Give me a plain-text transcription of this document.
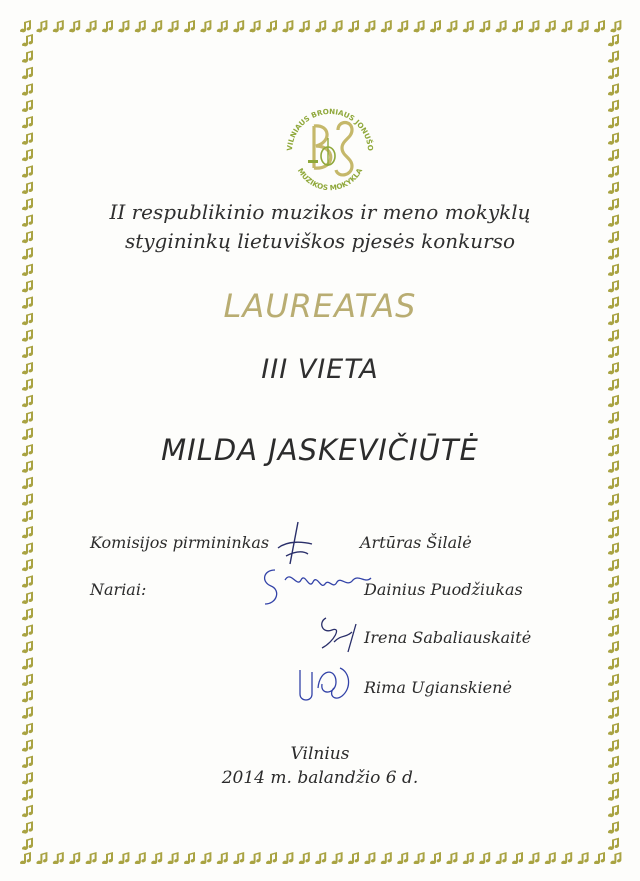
VILNIAUS BRONIAUS JONUŠO
MUZIKOS MOKYKLA

II respublikinio muzikos ir meno mokyklų

stygininkų lietuviškos pjesės konkurso

LAUREATAS

III VIETA

MILDA JASKEVIČIŪTĖ

Komisijos pirmininkas	Artūras Šilalė
Nariai:	Dainius Puodžiukas
Irena Sabaliauskaitė
Rima Ugianskienė

Vilnius

2014 m. balandžio 6 d.
